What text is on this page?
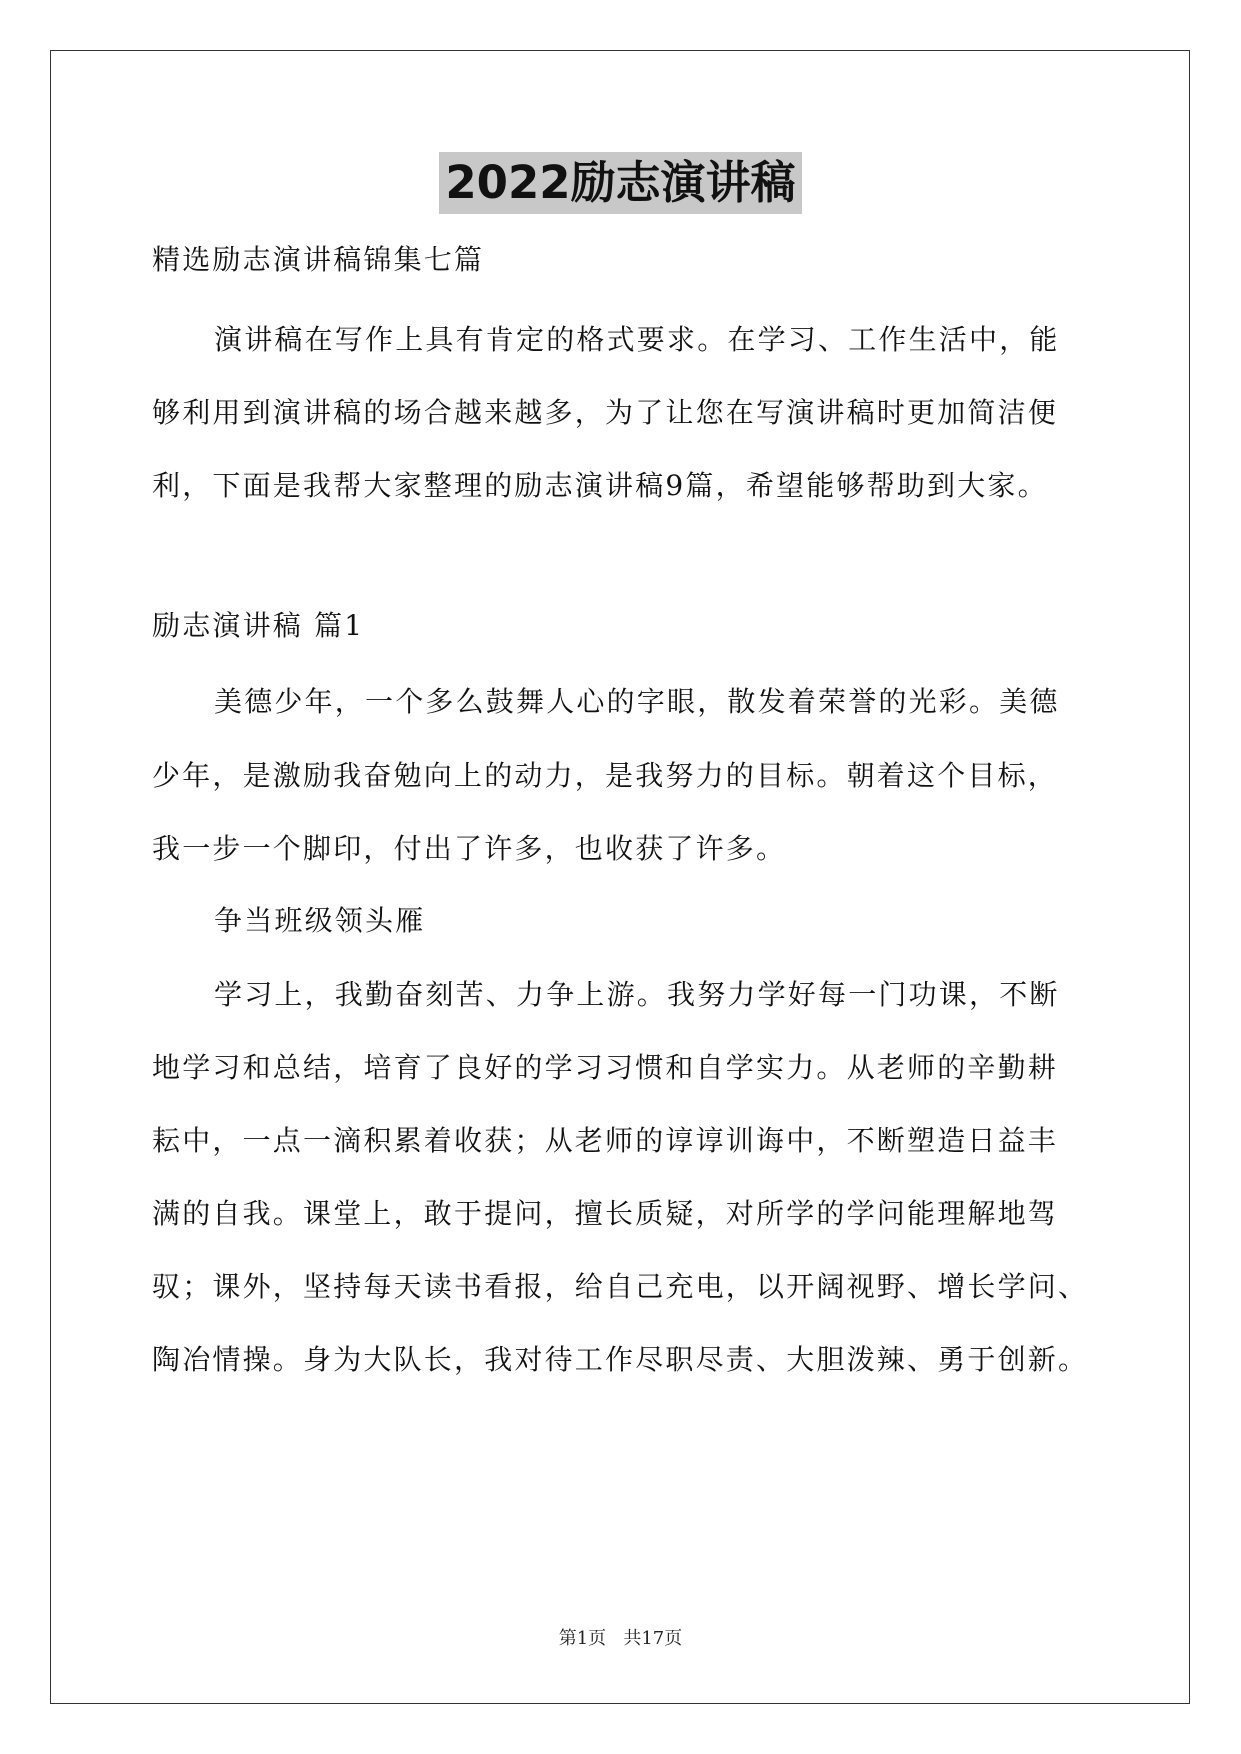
2022励志演讲稿
精选励志演讲稿锦集七篇
演讲稿在写作上具有肯定的格式要求。在学习、工作生活中，能
够利用到演讲稿的场合越来越多，为了让您在写演讲稿时更加简洁便
利，下面是我帮大家整理的励志演讲稿9篇，希望能够帮助到大家。
励志演讲稿 篇1
美德少年，一个多么鼓舞人心的字眼，散发着荣誉的光彩。美德
少年，是激励我奋勉向上的动力，是我努力的目标。朝着这个目标，
我一步一个脚印，付出了许多，也收获了许多。
争当班级领头雁
学习上，我勤奋刻苦、力争上游。我努力学好每一门功课，不断
地学习和总结，培育了良好的学习习惯和自学实力。从老师的辛勤耕
耘中，一点一滴积累着收获；从老师的谆谆训诲中，不断塑造日益丰
满的自我。课堂上，敢于提问，擅长质疑，对所学的学问能理解地驾
驭；课外，坚持每天读书看报，给自己充电，以开阔视野、增长学问、
陶冶情操。身为大队长，我对待工作尽职尽责、大胆泼辣、勇于创新。
第1页   共17页
